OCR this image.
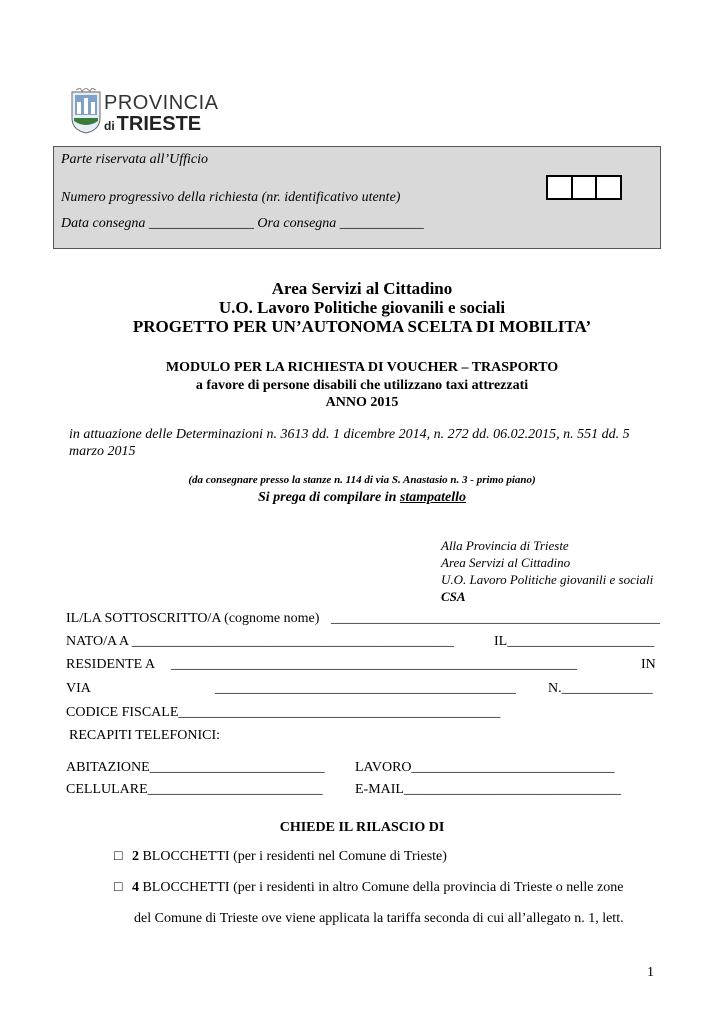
PROVINCIA
di TRIESTE
Parte riservata all’Ufficio
Numero progressivo della richiesta (nr. identificativo utente)
Data consegna _______________ Ora consegna ____________
Area Servizi al Cittadino
U.O. Lavoro Politiche giovanili e sociali
PROGETTO PER UN’AUTONOMA SCELTA DI MOBILITA’
MODULO PER LA RICHIESTA DI VOUCHER – TRASPORTO
a favore di persone disabili che utilizzano taxi attrezzati
ANNO 2015
in attuazione delle Determinazioni n. 3613 dd. 1 dicembre 2014, n. 272 dd. 06.02.2015, n. 551 dd. 5
marzo 2015
(da consegnare presso la stanze n. 114 di via S. Anastasio n. 3 - primo piano)
Si prega di compilare in stampatello
Alla Provincia di Trieste
Area Servizi al Cittadino
U.O. Lavoro Politiche giovanili e sociali
CSA
IL/LA SOTTOSCRITTO/A (cognome nome) _______________________________________________
NATO/A A ______________________________________________	IL_____________________
RESIDENTE A __________________________________________________________	IN
VIA	___________________________________________ N._____________
CODICE FISCALE______________________________________________
RECAPITI TELEFONICI:
ABITAZIONE_________________________ LAVORO_____________________________
CELLULARE_________________________ E-MAIL_______________________________
CHIEDE IL RILASCIO DI
□ 2 BLOCCHETTI (per i residenti nel Comune di Trieste)
□ 4 BLOCCHETTI (per i residenti in altro Comune della provincia di Trieste o nelle zone
del Comune di Trieste ove viene applicata la tariffa seconda di cui all’allegato n. 1, lett.
1
